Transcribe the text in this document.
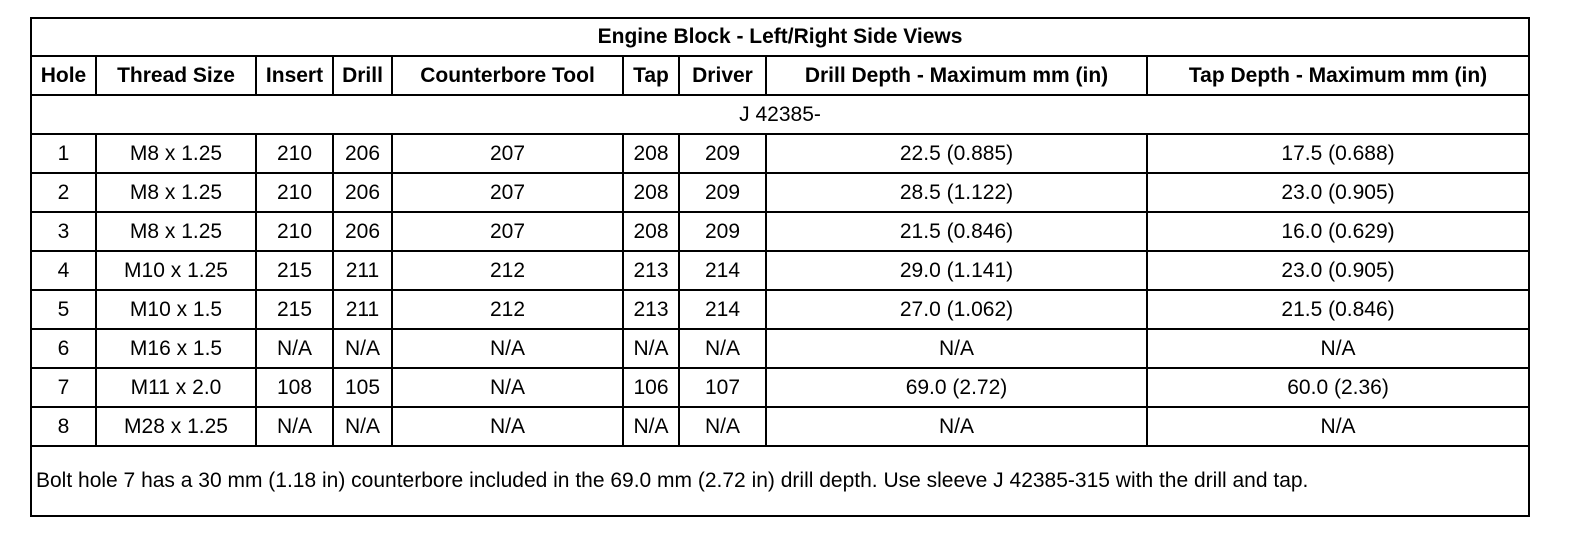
Engine Block - Left/Right Side Views								
Hole	Thread Size	Insert	Drill	Counterbore Tool	Tap	Driver	Drill Depth - Maximum mm (in)	Tap Depth - Maximum mm (in)
J 42385-								
1	M8 x 1.25	210	206	207	208	209	22.5 (0.885)	17.5 (0.688)
2	M8 x 1.25	210	206	207	208	209	28.5 (1.122)	23.0 (0.905)
3	M8 x 1.25	210	206	207	208	209	21.5 (0.846)	16.0 (0.629)
4	M10 x 1.25	215	211	212	213	214	29.0 (1.141)	23.0 (0.905)
5	M10 x 1.5	215	211	212	213	214	27.0 (1.062)	21.5 (0.846)
6	M16 x 1.5	N/A	N/A	N/A	N/A	N/A	N/A	N/A
7	M11 x 2.0	108	105	N/A	106	107	69.0 (2.72)	60.0 (2.36)
8	M28 x 1.25	N/A	N/A	N/A	N/A	N/A	N/A	N/A
Bolt hole 7 has a 30 mm (1.18 in) counterbore included in the 69.0 mm (2.72 in) drill depth. Use sleeve J 42385-315 with the drill and tap.								
